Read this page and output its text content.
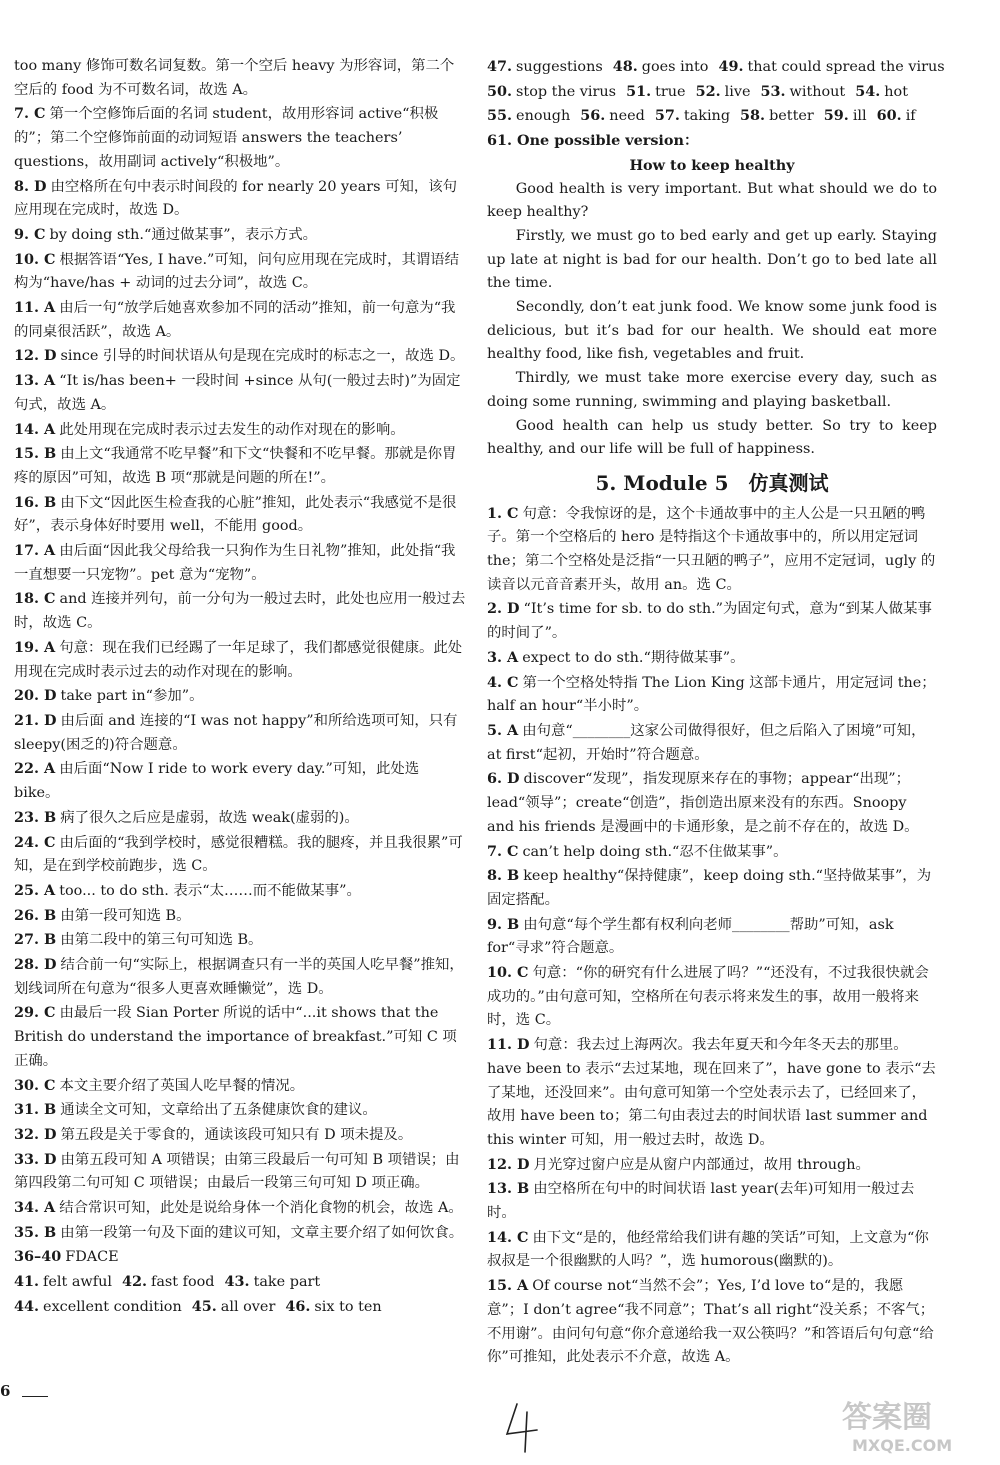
too many 修饰可数名词复数。第一个空后 heavy 为形容词，第二个空后的 food 为不可数名词，故选 A。

7. C 第一个空修饰后面的名词 student，故用形容词 active“积极的”；第二个空修饰前面的动词短语 answers the teachers’ questions，故用副词 actively“积极地”。

8. D 由空格所在句中表示时间段的 for nearly 20 years 可知，该句应用现在完成时，故选 D。

9. C by doing sth.“通过做某事”，表示方式。

10. C 根据答语“Yes, I have.”可知，问句应用现在完成时，其谓语结构为“have/has + 动词的过去分词”，故选 C。

11. A 由后一句“放学后她喜欢参加不同的活动”推知，前一句意为“我的同桌很活跃”，故选 A。

12. D since 引导的时间状语从句是现在完成时的标志之一，故选 D。

13. A “It is/has been+ 一段时间 +since 从句(一般过去时)”为固定句式，故选 A。

14. A 此处用现在完成时表示过去发生的动作对现在的影响。

15. B 由上文“我通常不吃早餐”和下文“快餐和不吃早餐。那就是你胃疼的原因”可知，故选 B 项“那就是问题的所在!”。

16. B 由下文“因此医生检查我的心脏”推知，此处表示“我感觉不是很好”，表示身体好时要用 well，不能用 good。

17. A 由后面“因此我父母给我一只狗作为生日礼物”推知，此处指“我一直想要一只宠物”。pet 意为“宠物”。

18. C and 连接并列句，前一分句为一般过去时，此处也应用一般过去时，故选 C。

19. A 句意：现在我们已经踢了一年足球了，我们都感觉很健康。此处用现在完成时表示过去的动作对现在的影响。

20. D take part in“参加”。

21. D 由后面 and 连接的“I was not happy”和所给选项可知，只有 sleepy(困乏的)符合题意。

22. A 由后面“Now I ride to work every day.”可知，此处选 bike。

23. B 病了很久之后应是虚弱，故选 weak(虚弱的)。

24. C 由后面的“我到学校时，感觉很糟糕。我的腿疼，并且我很累”可知，是在到学校前跑步，选 C。

25. A too... to do sth. 表示“太……而不能做某事”。

26. B 由第一段可知选 B。

27. B 由第二段中的第三句可知选 B。

28. D 结合前一句“实际上，根据调查只有一半的英国人吃早餐”推知，划线词所在句意为“很多人更喜欢睡懒觉”，选 D。

29. C 由最后一段 Sian Porter 所说的话中“...it shows that the British do understand the importance of breakfast.”可知 C 项正确。

30. C 本文主要介绍了英国人吃早餐的情况。

31. B 通读全文可知，文章给出了五条健康饮食的建议。

32. D 第五段是关于零食的，通读该段可知只有 D 项未提及。

33. D 由第五段可知 A 项错误；由第三段最后一句可知 B 项错误；由第四段第二句可知 C 项错误；由最后一段第三句可知 D 项正确。

34. A 结合常识可知，此处是说给身体一个消化食物的机会，故选 A。

35. B 由第一段第一句及下面的建议可知，文章主要介绍了如何饮食。

36–40 FDACE

41. felt awful 42. fast food 43. take part

44. excellent condition 45. all over 46. six to ten

47. suggestions 48. goes into 49. that could spread the virus

50. stop the virus 51. true 52. live 53. without 54. hot

55. enough 56. need 57. taking 58. better 59. ill 60. if

61. One possible version：

How to keep healthy

Good health is very important. But what should we do to keep healthy?

Firstly, we must go to bed early and get up early. Staying up late at night is bad for our health. Don’t go to bed late all the time.

Secondly, don’t eat junk food. We know some junk food is delicious, but it’s bad for our health. We should eat more healthy food, like fish, vegetables and fruit.

Thirdly, we must take more exercise every day, such as doing some running, swimming and playing basketball.

Good health can help us study better. So try to keep healthy, and our life will be full of happiness.

5. Module 5　仿真测试

1. C 句意：令我惊讶的是，这个卡通故事中的主人公是一只丑陋的鸭子。第一个空格后的 hero 是特指这个卡通故事中的，所以用定冠词 the；第二个空格处是泛指“一只丑陋的鸭子”，应用不定冠词，ugly 的读音以元音音素开头，故用 an。选 C。

2. D “It’s time for sb. to do sth.”为固定句式，意为“到某人做某事的时间了”。

3. A expect to do sth.“期待做某事”。

4. C 第一个空格处特指 The Lion King 这部卡通片，用定冠词 the；half an hour“半小时”。

5. A 由句意“________这家公司做得很好，但之后陷入了困境”可知，at first“起初，开始时”符合题意。

6. D discover“发现”，指发现原来存在的事物；appear“出现”；lead“领导”；create“创造”，指创造出原来没有的东西。Snoopy and his friends 是漫画中的卡通形象，是之前不存在的，故选 D。

7. C can’t help doing sth.“忍不住做某事”。

8. B keep healthy“保持健康”，keep doing sth.“坚持做某事”，为固定搭配。

9. B 由句意“每个学生都有权利向老师________帮助”可知，ask for“寻求”符合题意。

10. C 句意：“你的研究有什么进展了吗？”“还没有，不过我很快就会成功的。”由句意可知，空格所在句表示将来发生的事，故用一般将来时，选 C。

11. D 句意：我去过上海两次。我去年夏天和今年冬天去的那里。have been to 表示“去过某地，现在回来了”，have gone to 表示“去了某地，还没回来”。由句意可知第一个空处表示去了，已经回来了，故用 have been to；第二句由表过去的时间状语 last summer and this winter 可知，用一般过去时，故选 D。

12. D 月光穿过窗户应是从窗户内部通过，故用 through。

13. B 由空格所在句中的时间状语 last year(去年)可知用一般过去时。

14. C 由下文“是的，他经常给我们讲有趣的笑话”可知，上文意为“你叔叔是一个很幽默的人吗？”，选 humorous(幽默的)。

15. A Of course not“当然不会”；Yes, I’d love to“是的，我愿意”；I don’t agree“我不同意”；That’s all right“没关系；不客气；不用谢”。由问句句意“你介意递给我一双公筷吗？”和答语后句句意“给你”可推知，此处表示不介意，故选 A。

6
答案圈
MXQE.COM
